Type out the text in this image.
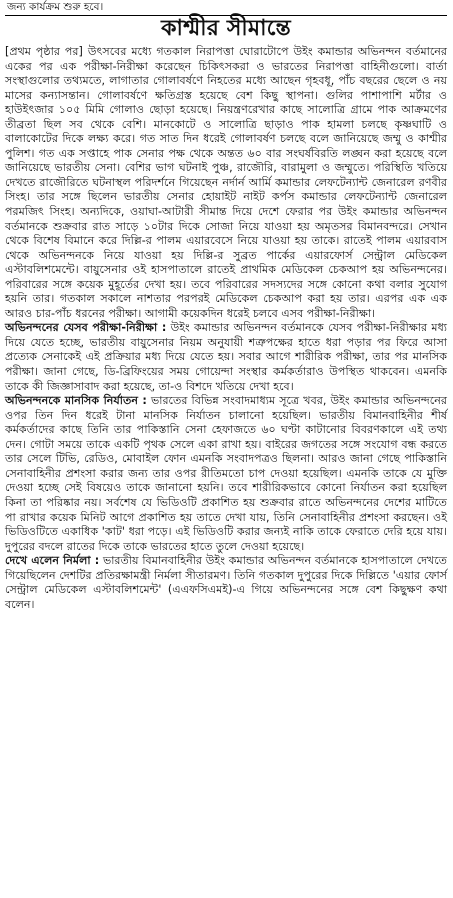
জন্য কার্যক্রম শুরু হবে।
কাশ্মীর সীমান্তে

[প্রথম পৃষ্ঠার পর] উৎসবের মধ্যে গতকাল নিরাপত্তা ঘোরাটোপে উইং কমান্ডার অভিনন্দন বর্তমানের একের পর এক পরীক্ষা-নিরীক্ষা করেছেন চিকিৎসকরা ও ভারতের নিরাপত্তা বাহিনীগুলো। বার্তা সংস্থাগুলোর তথ্যমতে, লাগাতার গোলাবর্ষণে নিহতের মধ্যে আছেন গৃহবধূ, পাঁচ বছরের ছেলে ও নয় মাসের কন্যাসন্তান। গোলাবর্ষণে ক্ষতিগ্রস্ত হয়েছে বেশ কিছু স্থাপনা। গুলির পাশাপাশি মর্টার ও হাউইৎজার ১০৫ মিমি গোলাও ছোড়া হয়েছে। নিয়ন্ত্রণরেখার কাছে সালোত্রি গ্রামে পাক আক্রমণের তীব্রতা ছিল সব থেকে বেশি। মানকোটে ও সালোত্রি ছাড়াও পাক হামলা চলছে কৃষ্ণঘাটি ও বালাকোটের দিকে লক্ষ্য করে। গত সাত দিন ধরেই গোলাবর্ষণ চলছে বলে জানিয়েছে জম্মু ও কাশ্মীর পুলিশ। গত এক সপ্তাহে পাক সেনার পক্ষ থেকে অন্তত ৬০ বার সংঘর্ষবিরতি লঙ্ঘন করা হয়েছে বলে জানিয়েছে ভারতীয় সেনা। বেশির ভাগ ঘটনাই পুঞ্চ, রাজৌরি, বারামুলা ও জম্মুতে। পরিস্থিতি খতিয়ে দেখতে রাজৌরিতে ঘটনাস্থল পরিদর্শনে গিয়েছেন নর্দার্ন আর্মি কমান্ডার লেফটেন্যান্ট জেনারেল রণবীর সিংহ। তার সঙ্গে ছিলেন ভারতীয় সেনার হোয়াইট নাইট কর্পস কমান্ডার লেফটেন্যান্ট জেনারেল পরমজিৎ সিংহ। অন্যদিকে, ওয়াঘা-আটারী সীমান্ত দিয়ে দেশে ফেরার পর উইং কমান্ডার অভিনন্দন বর্তমানকে শুক্রবার রাত সাড়ে ১০টার দিকে সোজা নিয়ে যাওয়া হয় অমৃতসর বিমানবন্দরে। সেখান থেকে বিশেষ বিমানে করে দিল্লি-র পালম এয়ারবেসে নিয়ে যাওয়া হয় তাকে। রাতেই পালম এয়ারবাস থেকে অভিনন্দনকে নিয়ে যাওয়া হয় দিল্লি-র সুব্রত পার্কের এয়ারফোর্স সেন্ট্রাল মেডিকেল এস্টাবলিশমেন্টে। বায়ুসেনার ওই হাসপাতালে রাতেই প্রাথমিক মেডিকেল চেকআপ হয় অভিনন্দনের। পরিবারের সঙ্গে কয়েক মুহূর্তের দেখা হয়। তবে পরিবারের সদস্যদের সঙ্গে কোনো কথা বলার সুযোগ হয়নি তার। গতকাল সকালে নাশতার পরপরই মেডিকেল চেকআপ করা হয় তার। এরপর এক এক আরও চার-পাঁচ ধরনের পরীক্ষা। আগামী কয়েকদিন ধরেই চলবে এসব পরীক্ষা-নিরীক্ষা।

অভিনন্দনের যেসব পরীক্ষা-নিরীক্ষা : উইং কমান্ডার অভিনন্দন বর্তমানকে যেসব পরীক্ষা-নিরীক্ষার মধ্য দিয়ে যেতে হচ্ছে, ভারতীয় বায়ুসেনার নিয়ম অনুযায়ী শত্রুপক্ষের হাতে ধরা পড়ার পর ফিরে আসা প্রত্যেক সেনাকেই এই প্রক্রিয়ার মধ্য দিয়ে যেতে হয়। সবার আগে শারীরিক পরীক্ষা, তার পর মানসিক পরীক্ষা। জানা গেছে, ডি-ব্রিফিংয়ের সময় গোয়েন্দা সংস্থার কর্মকর্তারাও উপস্থিত থাকবেন। এমনকি তাকে কী জিজ্ঞাসাবাদ করা হয়েছে, তা-ও বিশদে খতিয়ে দেখা হবে।

অভিনন্দনকে মানসিক নির্যাতন : ভারতের বিভিন্ন সংবাদমাধ্যম সূত্রে খবর, উইং কমান্ডার অভিনন্দনের ওপর তিন দিন ধরেই টানা মানসিক নির্যাতন চালানো হয়েছিল। ভারতীয় বিমানবাহিনীর শীর্ষ কর্মকর্তাদের কাছে তিনি তার পাকিস্তানি সেনা হেফাজতে ৬০ ঘণ্টা কাটানোর বিবরণকালে এই তথ্য দেন। গোটা সময়ে তাকে একটি পৃথক সেলে একা রাখা হয়। বাইরের জগতের সঙ্গে সংযোগ বন্ধ করতে তার সেলে টিভি, রেডিও, মোবাইল ফোন এমনকি সংবাদপত্রও ছিলনা। আরও জানা গেছে পাকিস্তানি সেনাবাহিনীর প্রশংসা করার জন্য তার ওপর রীতিমতো চাপ দেওয়া হয়েছিল। এমনকি তাকে যে মুক্তি দেওয়া হচ্ছে সেই বিষয়েও তাকে জানানো হয়নি। তবে শারীরিকভাবে কোনো নির্যাতন করা হয়েছিল কিনা তা পরিষ্কার নয়। সর্বশেষ যে ভিডিওটি প্রকাশিত হয় শুক্রবার রাতে অভিনন্দনের দেশের মাটিতে পা রাখার কয়েক মিনিট আগে প্রকাশিত হয় তাতে দেখা যায়, তিনি সেনাবাহিনীর প্রশংসা করছেন। ওই ভিডিওটিতে একাধিক 'কাট' ধরা পড়ে। এই ভিডিওটি করার জন্যই নাকি তাকে ফেরাতে দেরি হয়ে যায়। দুপুরের বদলে রাতের দিকে তাকে ভারতের হাতে তুলে দেওয়া হয়েছে।

দেখে এলেন নির্মলা : ভারতীয় বিমানবাহিনীর উইং কমান্ডার অভিনন্দন বর্তমানকে হাসপাতালে দেখতে গিয়েছিলেন দেশটির প্রতিরক্ষামন্ত্রী নির্মলা সীতারমণ। তিনি গতকাল দুপুরের দিকে দিল্লিতে 'এয়ার ফোর্স সেন্ট্রাল মেডিকেল এস্টাবলিশমেন্ট' (এএফসিএমই)-এ গিয়ে অভিনন্দনের সঙ্গে বেশ কিছুক্ষণ কথা বলেন।
